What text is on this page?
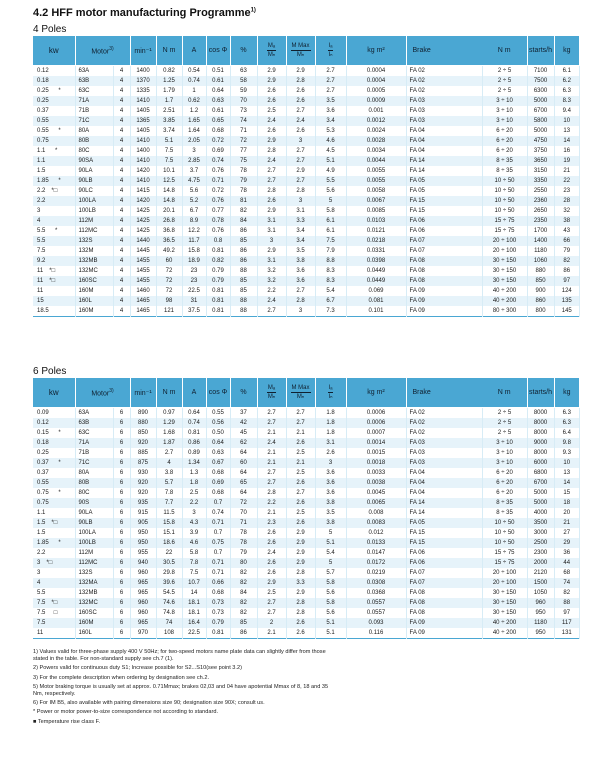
4.2 HFF motor manufacturing Programme$^{1)}$
4 Poles
kw	Motor$^{3)}$		min⁻¹	N m	A	cos Φ	%	$\frac{\text{Mₐ}}{\text{Mₙ}}$	$\frac{\text{M Max}}{\text{Mₙ}}$	$\frac{\text{Iₐ}}{\text{Iₙ}}$	kg m²	Brake N m		starts/h	kg
0.12	63A	4	1400	0.82	0.54	0.51	63	2.9	2.9	2.7	0.0004	FA 02	2 ÷ 5	7100	6.1
0.18	63B	4	1370	1.25	0.74	0.61	58	2.9	2.8	2.7	0.0004	FA 02	2 ÷ 5	7500	6.2
0.25 *	63C	4	1335	1.79	1	0.64	59	2.6	2.6	2.7	0.0005	FA 02	2 ÷ 5	6300	6.3
0.25	71A	4	1410	1.7	0.62	0.63	70	2.6	2.6	3.5	0.0009	FA 03	3 ÷ 10	5000	8.3
0.37	71B	4	1405	2.51	1.2	0.61	73	2.5	2.7	3.6	0.001	FA 03	3 ÷ 10	6700	9.4
0.55	71C	4	1365	3.85	1.65	0.65	74	2.4	2.4	3.4	0.0012	FA 03	3 ÷ 10	5800	10
0.55 *	80A	4	1405	3.74	1.64	0.68	71	2.6	2.6	5.3	0.0024	FA 04	6 ÷ 20	5000	13
0.75	80B	4	1410	5.1	2.05	0.72	72	2.9	3	4.6	0.0028	FA 04	6 ÷ 20	4750	14
1.1 *	80C	4	1400	7.5	3	0.69	77	2.8	2.7	4.5	0.0034	FA 04	6 ÷ 20	3750	16
1.1	90SA	4	1410	7.5	2.85	0.74	75	2.4	2.7	5.1	0.0044	FA 14	8 ÷ 35	3650	19
1.5	90LA	4	1420	10.1	3.7	0.76	78	2.7	2.9	4.9	0.0055	FA 14	8 ÷ 35	3150	21
1.85 *	90LB	4	1410	12.5	4.75	0.71	79	2.7	2.7	5.5	0.0055	FA 05	10 ÷ 50	3350	22
2.2 *□	90LC	4	1415	14.8	5.6	0.72	78	2.8	2.8	5.6	0.0058	FA 05	10 ÷ 50	2550	23
2.2	100LA	4	1420	14.8	5.2	0.76	81	2.6	3	5	0.0067	FA 15	10 ÷ 50	2360	28
3	100LB	4	1425	20.1	6.7	0.77	82	2.9	3.1	5.8	0.0085	FA 15	10 ÷ 50	2650	32
4	112M	4	1425	26.8	8.9	0.78	84	3.1	3.3	6.1	0.0103	FA 06	15 ÷ 75	2350	38
5.5 *	112MC	4	1425	36.8	12.2	0.76	86	3.1	3.4	6.1	0.0121	FA 06	15 ÷ 75	1700	43
5.5	132S	4	1440	36.5	11.7	0.8	85	3	3.4	7.5	0.0218	FA 07	20 ÷ 100	1400	66
7.5	132M	4	1445	49.2	15.8	0.81	86	2.9	3.5	7.9	0.0331	FA 07	20 ÷ 100	1180	79
9.2	132MB	4	1455	60	18.9	0.82	86	3.1	3.8	8.8	0.0398	FA 08	30 ÷ 150	1060	82
11 *□	132MC	4	1455	72	23	0.79	88	3.2	3.6	8.3	0.0449	FA 08	30 ÷ 150	880	86
11 *□	160SC	4	1455	72	23	0.79	85	3.2	3.6	8.3	0.0449	FA 08	30 ÷ 150	850	97
11	160M	4	1460	72	22.5	0.81	85	2.2	2.7	5.4	0.069	FA 09	40 ÷ 200	900	124
15	160L	4	1465	98	31	0.81	88	2.4	2.8	6.7	0.081	FA 09	40 ÷ 200	860	135
18.5	160M	4	1465	121	37.5	0.81	88	2.7	3	7.3	0.101	FA 09	80 ÷ 300	800	145
6 Poles
kw	Motor$^{3)}$		min⁻¹	N m	A	cos Φ	%	$\frac{\text{Mₐ}}{\text{Mₙ}}$	$\frac{\text{M Max}}{\text{Mₙ}}$	$\frac{\text{Iₐ}}{\text{Iₙ}}$	kg m²	Brake N m		starts/h	kg
0.09	63A	6	890	0.97	0.64	0.55	37	2.7	2.7	1.8	0.0006	FA 02	2 ÷ 5	8000	6.3
0.12	63B	6	880	1.29	0.74	0.56	42	2.7	2.7	1.8	0.0006	FA 02	2 ÷ 5	8000	6.3
0.15 *	63C	6	850	1.68	0.81	0.50	45	2.1	2.1	1.8	0.0007	FA 02	2 ÷ 5	8000	6.4
0.18	71A	6	920	1.87	0.86	0.64	62	2.4	2.6	3.1	0.0014	FA 03	3 ÷ 10	9000	9.8
0.25	71B	6	885	2.7	0.89	0.63	64	2.1	2.5	2.6	0.0015	FA 03	3 ÷ 10	8000	9.3
0.37 *	71C	6	875	4	1.34	0.67	60	2.1	2.1	3	0.0018	FA 03	3 ÷ 10	6000	10
0.37	80A	6	930	3.8	1.3	0.68	64	2.7	2.5	3.6	0.0033	FA 04	6 ÷ 20	6800	13
0.55	80B	6	920	5.7	1.8	0.69	65	2.7	2.6	3.6	0.0038	FA 04	6 ÷ 20	6700	14
0.75 *	80C	6	920	7.8	2.5	0.68	64	2.8	2.7	3.6	0.0045	FA 04	6 ÷ 20	5000	15
0.75	90S	6	935	7.7	2.2	0.7	72	2.2	2.6	3.8	0.0065	FA 14	8 ÷ 35	5000	18
1.1	90LA	6	915	11.5	3	0.74	70	2.1	2.5	3.5	0.008	FA 14	8 ÷ 35	4000	20
1.5 *□	90LB	6	905	15.8	4.3	0.71	71	2.3	2.6	3.8	0.0083	FA 05	10 ÷ 50	3500	21
1.5	100LA	6	950	15.1	3.9	0.7	78	2.6	2.9	5	0.012	FA 15	10 ÷ 50	3000	27
1.85 *	100LB	6	950	18.6	4.6	0.75	78	2.6	2.9	5.1	0.0133	FA 15	10 ÷ 50	2500	29
2.2	112M	6	955	22	5.8	0.7	79	2.4	2.9	5.4	0.0147	FA 06	15 ÷ 75	2300	36
3 *□	112MC	6	940	30.5	7.8	0.71	80	2.6	2.9	5	0.0172	FA 06	15 ÷ 75	2000	44
3	132S	6	960	29.8	7.5	0.71	82	2.6	2.8	5.7	0.0219	FA 07	20 ÷ 100	2120	68
4	132MA	6	965	39.6	10.7	0.66	82	2.9	3.3	5.8	0.0308	FA 07	20 ÷ 100	1500	74
5.5	132MB	6	965	54.5	14	0.68	84	2.5	2.9	5.6	0.0368	FA 08	30 ÷ 150	1050	82
7.5 *□	132MC	6	960	74.6	18.1	0.73	82	2.7	2.8	5.8	0.0557	FA 08	30 ÷ 150	960	88
7.5 □	160SC	6	960	74.8	18.1	0.73	82	2.7	2.8	5.6	0.0557	FA 08	30 ÷ 150	950	97
7.5	160M	6	965	74	16.4	0.79	85	2	2.6	5.1	0.093	FA 09	40 ÷ 200	1180	117
11	160L	6	970	108	22.5	0.81	86	2.1	2.6	5.1	0.116	FA 09	40 ÷ 200	950	131

1) Values valid for three-phase supply 400 V 50Hz; for two-speed motors name plate data can slightly differ from those stated in the table. For non-standard supply see ch.7 (1).

2) Powers valid for continuous duty S1; Increase possible for S2...S10(see point 3.2)

3) For the complete description when ordering by designation see ch.2.

5) Motor braking torque is usually set at approx. 0.71Mmax; brakes 02,03 and 04 have apotential Mmax of 8, 18 and 35 Nm, respectively.

6) For IM B5, also available with pairing dimensions size 90; designation size 90X; consult us.

* Power or motor power-to-size correspondence not according to standard.

■ Temperature rise class F.
